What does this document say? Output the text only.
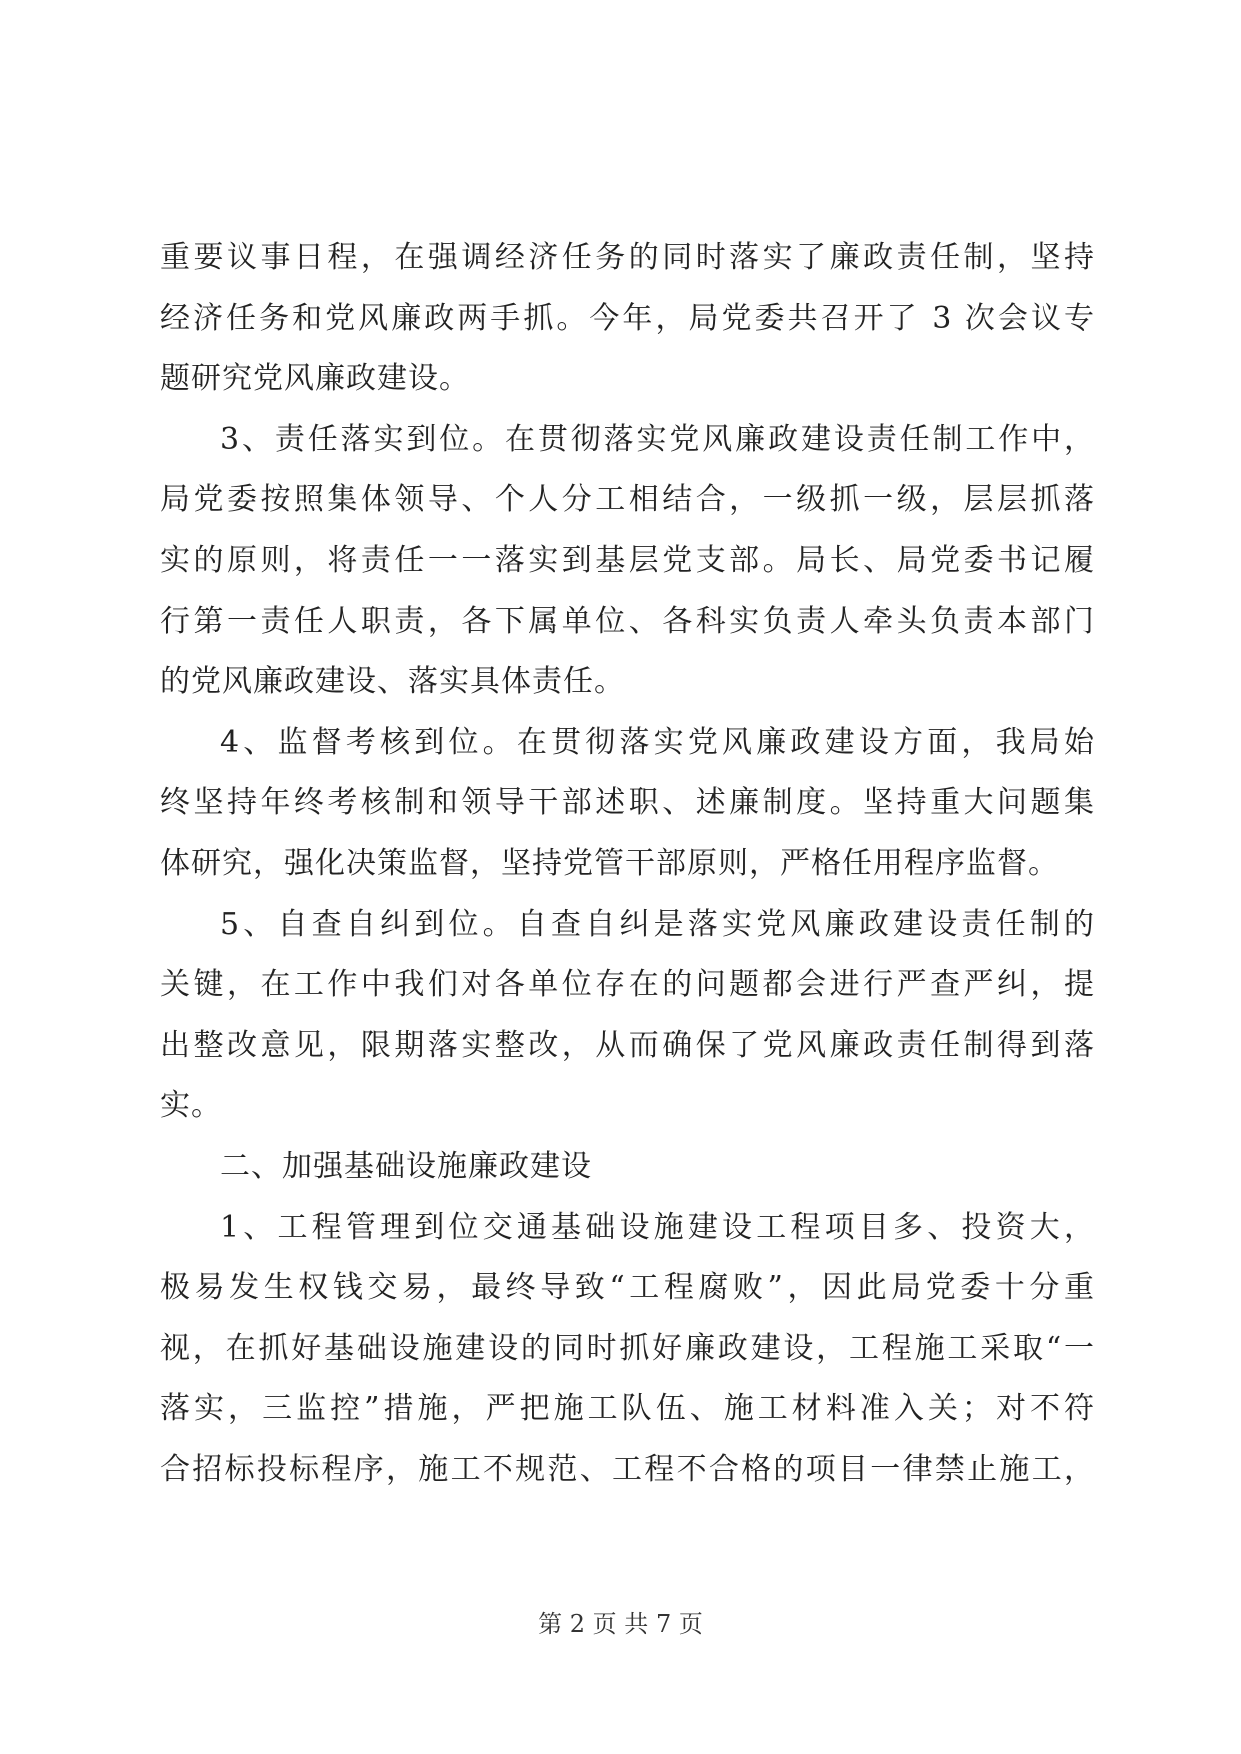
重要议事日程，在强调经济任务的同时落实了廉政责任制，坚持
经济任务和党风廉政两手抓。今年，局党委共召开了 3 次会议专
题研究党风廉政建设。
3、责任落实到位。在贯彻落实党风廉政建设责任制工作中，
局党委按照集体领导、个人分工相结合，一级抓一级，层层抓落
实的原则，将责任一一落实到基层党支部。局长、局党委书记履
行第一责任人职责，各下属单位、各科实负责人牵头负责本部门
的党风廉政建设、落实具体责任。
4、监督考核到位。在贯彻落实党风廉政建设方面，我局始
终坚持年终考核制和领导干部述职、述廉制度。坚持重大问题集
体研究，强化决策监督，坚持党管干部原则，严格任用程序监督。
5、自查自纠到位。自查自纠是落实党风廉政建设责任制的
关键，在工作中我们对各单位存在的问题都会进行严查严纠，提
出整改意见，限期落实整改，从而确保了党风廉政责任制得到落
实。
二、加强基础设施廉政建设
1、工程管理到位交通基础设施建设工程项目多、投资大，
极易发生权钱交易，最终导致“工程腐败”，因此局党委十分重
视，在抓好基础设施建设的同时抓好廉政建设，工程施工采取“一
落实，三监控”措施，严把施工队伍、施工材料准入关；对不符
合招标投标程序，施工不规范、工程不合格的项目一律禁止施工，
第 2 页 共 7 页
